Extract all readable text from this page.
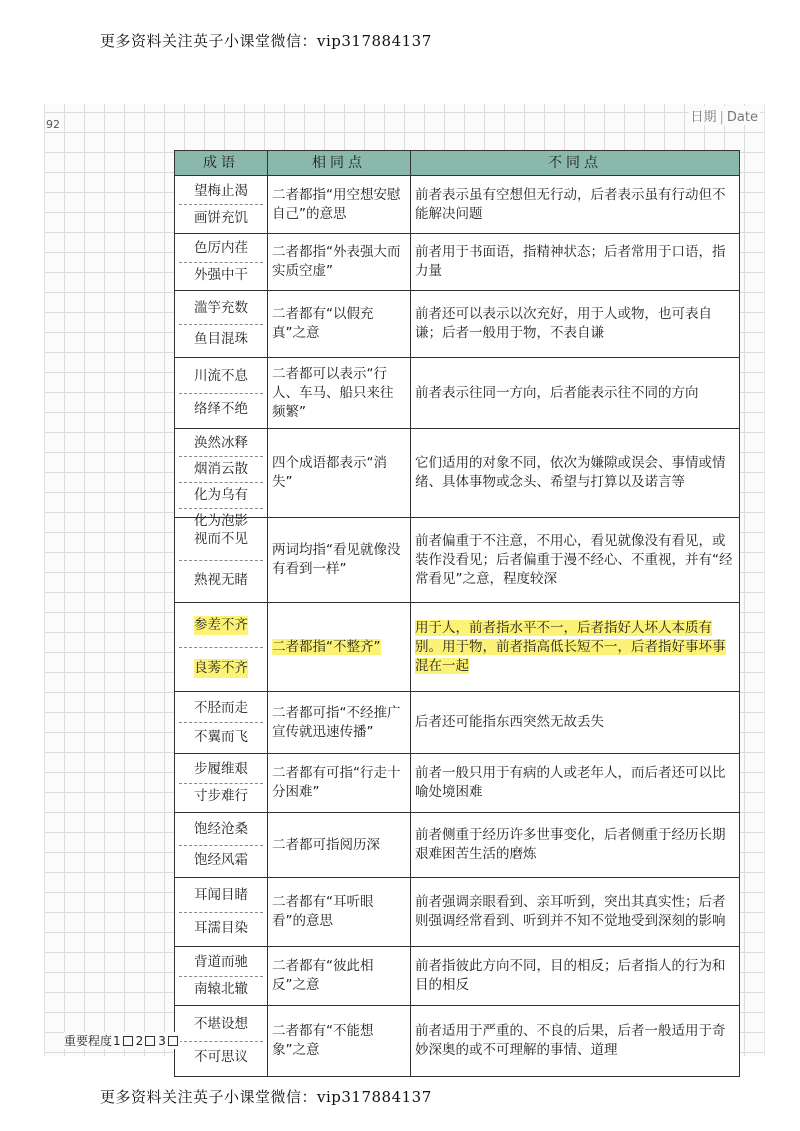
更多资料关注英子小课堂微信：vip317884137
92	日期 | Date
成语	相同点	不同点

望梅止渴
画饼充饥	二者都指“用空想安慰自己”的意思	前者表示虽有空想但无行动，后者表示虽有行动但不能解决问题

色厉内荏
外强中干	二者都指“外表强大而实质空虚”	前者用于书面语，指精神状态；后者常用于口语，指力量

滥竽充数
鱼目混珠	二者都有“以假充真”之意	前者还可以表示以次充好，用于人或物，也可表自谦；后者一般用于物，不表自谦

川流不息
络绎不绝	二者都可以表示“行人、车马、船只来往频繁”	前者表示往同一方向，后者能表示往不同的方向

涣然冰释
烟消云散
化为乌有
化为泡影	四个成语都表示“消失”	它们适用的对象不同，依次为嫌隙或误会、事情或情绪、具体事物或念头、希望与打算以及诺言等

视而不见
熟视无睹	两词均指“看见就像没有看到一样”	前者偏重于不注意，不用心，看见就像没有看见，或装作没看见；后者偏重于漫不经心、不重视，并有“经常看见”之意，程度较深

参差不齐
良莠不齐	二者都指“不整齐”	用于人，前者指水平不一，后者指好人坏人本质有别。用于物，前者指高低长短不一，后者指好事坏事混在一起

不胫而走
不翼而飞	二者都可指“不经推广宣传就迅速传播”	后者还可能指东西突然无故丢失

步履维艰
寸步难行	二者都有可指“行走十分困难”	前者一般只用于有病的人或老年人，而后者还可以比喻处境困难

饱经沧桑
饱经风霜	二者都可指阅历深	前者侧重于经历许多世事变化，后者侧重于经历长期艰难困苦生活的磨炼

耳闻目睹
耳濡目染	二者都有“耳听眼看”的意思	前者强调亲眼看到、亲耳听到，突出其真实性；后者则强调经常看到、听到并不知不觉地受到深刻的影响

背道而驰
南辕北辙	二者都有“彼此相反”之意	前者指彼此方向不同，目的相反；后者指人的行为和目的相反

不堪设想
不可思议	二者都有“不能想象”之意	前者适用于严重的、不良的后果，后者一般适用于奇妙深奥的或不可理解的事情、道理
重要程度 1 2 3
更多资料关注英子小课堂微信：vip317884137
